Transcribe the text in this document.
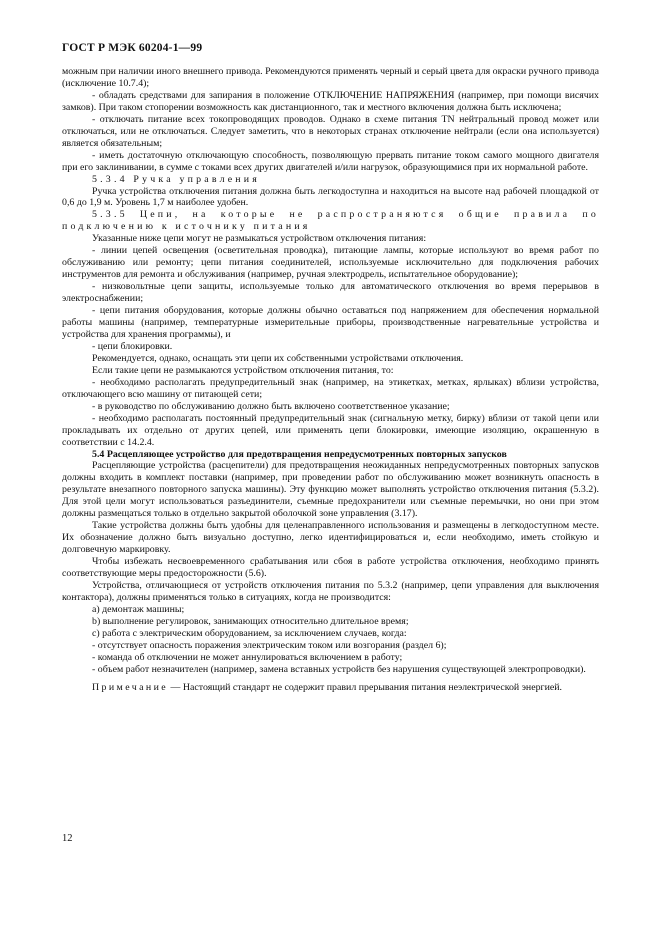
ГОСТ Р МЭК 60204-1—99

можным при наличии иного внешнего привода. Рекомендуются применять черный и серый цвета для окраски ручного привода (исключение 10.7.4);

- обладать средствами для запирания в положение ОТКЛЮЧЕНИЕ НАПРЯЖЕНИЯ (например, при помощи висячих замков). При таком стопорении возможность как дистанционного, так и местного включения должна быть исключена;

- отключать питание всех токопроводящих проводов. Однако в схеме питания TN нейтральный провод может или отключаться, или не отключаться. Следует заметить, что в некоторых странах отключение нейтрали (если она используется) является обязательным;

- иметь достаточную отключающую способность, позволяющую прервать питание током самого мощного двигателя при его заклинивании, в сумме с токами всех других двигателей и/или нагрузок, образующимися при их нормальной работе.

5.3.4 Ручка управления

Ручка устройства отключения питания должна быть легкодоступна и находиться на высоте над рабочей площадкой от 0,6 до 1,9 м. Уровень 1,7 м наиболее удобен.

5.3.5 Цепи, на которые не распространяются общие правила по подключению к источнику питания

Указанные ниже цепи могут не размыкаться устройством отключения питания:

- линии цепей освещения (осветительная проводка), питающие лампы, которые используют во время работ по обслуживанию или ремонту; цепи питания соединителей, используемые исключительно для подключения рабочих инструментов для ремонта и обслуживания (например, ручная электродрель, испытательное оборудование);

- низковольтные цепи защиты, используемые только для автоматического отключения во время перерывов в электроснабжении;

- цепи питания оборудования, которые должны обычно оставаться под напряжением для обеспечения нормальной работы машины (например, температурные измерительные приборы, производственные нагревательные устройства и устройства для хранения программы), и

- цепи блокировки.

Рекомендуется, однако, оснащать эти цепи их собственными устройствами отключения.

Если такие цепи не размыкаются устройством отключения питания, то:

- необходимо располагать предупредительный знак (например, на этикетках, метках, ярлыках) вблизи устройства, отключающего всю машину от питающей сети;

- в руководство по обслуживанию должно быть включено соответственное указание;

- необходимо располагать постоянный предупредительный знак (сигнальную метку, бирку) вблизи от такой цепи или прокладывать их отдельно от других цепей, или применять цепи блокировки, имеющие изоляцию, окрашенную в соответствии с 14.2.4.

5.4 Расцепляющее устройство для предотвращения непредусмотренных повторных запусков

Расцепляющие устройства (расцепители) для предотвращения неожиданных непредусмотренных повторных запусков должны входить в комплект поставки (например, при проведении работ по обслуживанию может возникнуть опасность в результате внезапного повторного запуска машины). Эту функцию может выполнять устройство отключения питания (5.3.2). Для этой цели могут использоваться разъединители, съемные предохранители или съемные перемычки, но они при этом должны размещаться только в отдельно закрытой оболочкой зоне управления (3.17).

Такие устройства должны быть удобны для целенаправленного использования и размещены в легкодоступном месте. Их обозначение должно быть визуально доступно, легко идентифицироваться и, если необходимо, иметь стойкую и долговечную маркировку.

Чтобы избежать несвоевременного срабатывания или сбоя в работе устройства отключения, необходимо принять соответствующие меры предосторожности (5.6).

Устройства, отличающиеся от устройств отключения питания по 5.3.2 (например, цепи управления для выключения контактора), должны применяться только в ситуациях, когда не производится:

a) демонтаж машины;

b) выполнение регулировок, занимающих относительно длительное время;

c) работа с электрическим оборудованием, за исключением случаев, когда:

- отсутствует опасность поражения электрическим током или возгорания (раздел 6);

- команда об отключении не может аннулироваться включением в работу;

- объем работ незначителен (например, замена вставных устройств без нарушения существующей электропроводки).

Примечание — Настоящий стандарт не содержит правил прерывания питания неэлектрической энергией.

12
